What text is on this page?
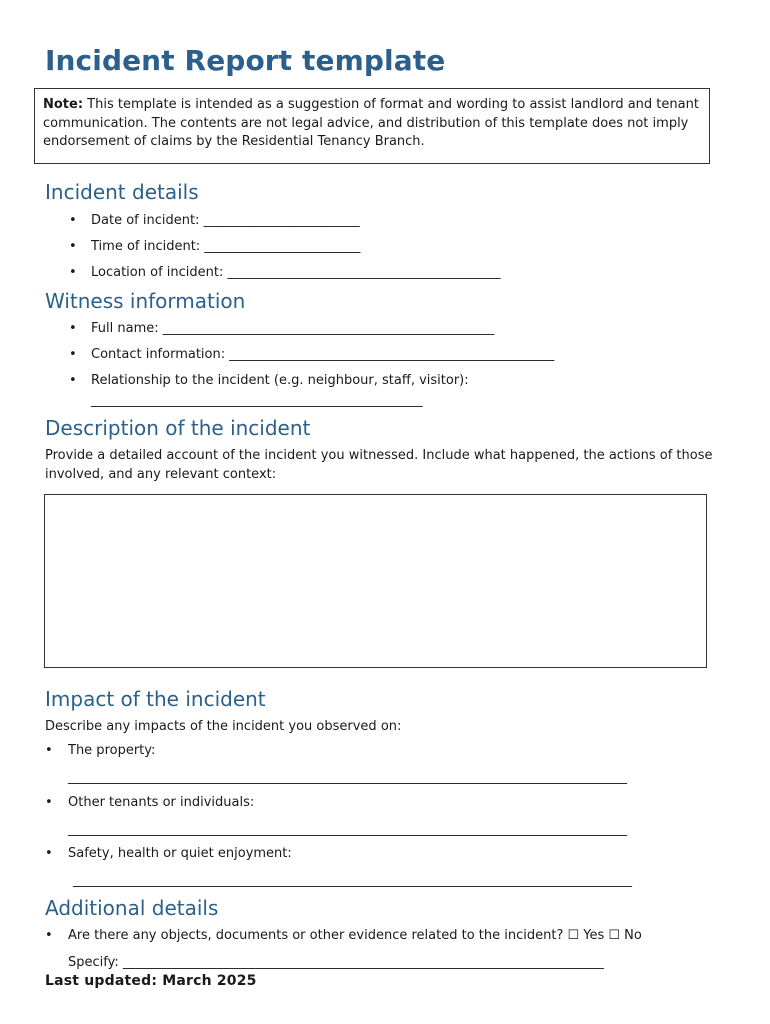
Incident Report template
Note: This template is intended as a suggestion of format and wording to assist landlord and tenant communication. The contents are not legal advice, and distribution of this template does not imply endorsement of claims by the Residential Tenancy Branch.
Incident details
• Date of incident: ________________________
• Time of incident: ________________________
• Location of incident: __________________________________________
Witness information
• Full name: ___________________________________________________
• Contact information: __________________________________________________
• Relationship to the incident (e.g. neighbour, staff, visitor):
___________________________________________________
Description of the incident

Provide a detailed account of the incident you witnessed. Include what happened, the actions of those involved, and any relevant context:

Impact of the incident

Describe any impacts of the incident you observed on:

• The property:
______________________________________________________________________________________
• Other tenants or individuals:
______________________________________________________________________________________
• Safety, health or quiet enjoyment:
______________________________________________________________________________________
Additional details
• Are there any objects, documents or other evidence related to the incident? ☐ Yes ☐ No
Specify: __________________________________________________________________________

Last updated: March 2025
